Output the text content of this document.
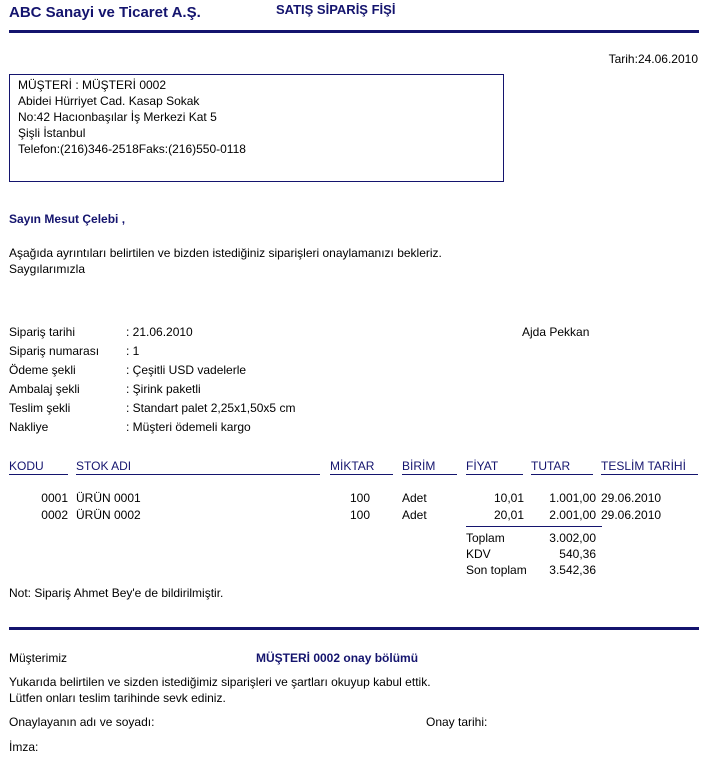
ABC Sanayi ve Ticaret A.Ş.	SATIŞ SİPARİŞ FİŞİ
Tarih:24.06.2010
MÜŞTERİ : MÜŞTERİ 0002
Abidei Hürriyet Cad. Kasap Sokak
No:42 Hacıonbaşılar İş Merkezi Kat 5
Şişli İstanbul
Telefon:(216)346-2518Faks:(216)550-0118
Sayın Mesut Çelebi ,
Aşağıda ayrıntıları belirtilen ve bizden istediğiniz siparişleri onaylamanızı bekleriz.
Saygılarımızla
Sipariş tarihi	: 21.06.2010
Sipariş numarası : 1
Ödeme şekli	: Çeşitli USD vadelerle
Ambalaj şekli	: Şirink paketli
Teslim şekli	: Standart palet 2,25x1,50x5 cm
Nakliye	: Müşteri ödemeli kargo
Ajda Pekkan
KODU	STOK ADI	MİKTAR BİRİM	FİYAT	TUTAR	TESLİM TARİHİ
0001 ÜRÜN 0001	100	Adet	10,01	1.001,00 29.06.2010
0002 ÜRÜN 0002	100	Adet	20,01	2.001,00 29.06.2010
Toplam	3.002,00
KDV	540,36
Son toplam	3.542,36
Not: Sipariş Ahmet Bey'e de bildirilmiştir.
Müşterimiz	MÜŞTERİ 0002 onay bölümü
Yukarıda belirtilen ve sizden istediğimiz siparişleri ve şartları okuyup kabul ettik.
Lütfen onları teslim tarihinde sevk ediniz.
Onaylayanın adı ve soyadı:	Onay tarihi:
İmza:
